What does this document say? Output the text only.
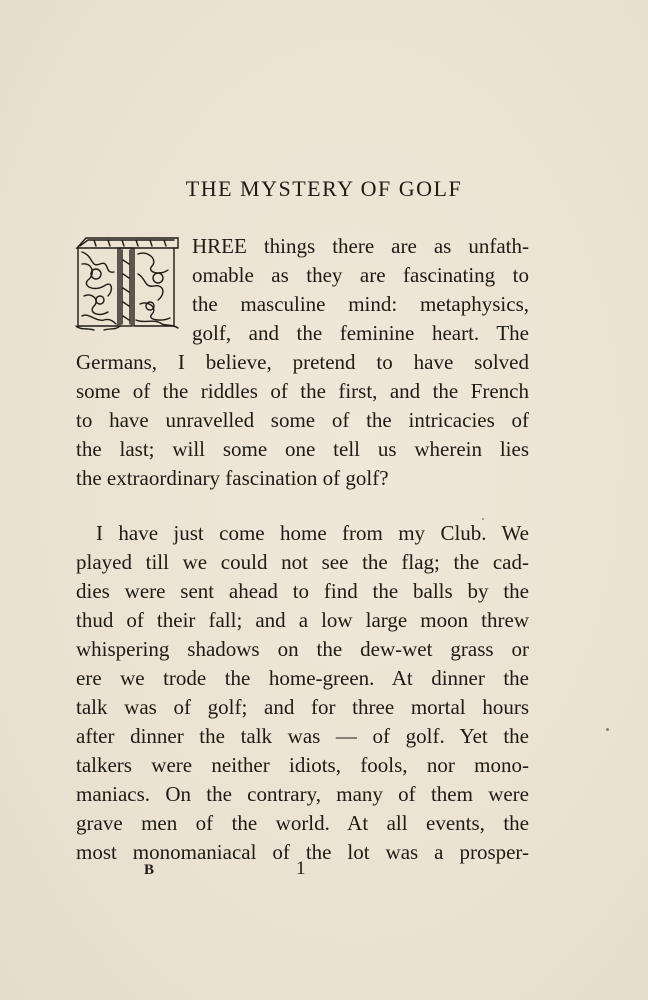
THE MYSTERY OF GOLF
HREE things there are as unfath-
omable as they are fascinating to
the masculine mind: metaphysics,
golf, and the feminine heart. The
Germans, I believe, pretend to have solved
some of the riddles of the first, and the French
to have unravelled some of the intricacies of
the last; will some one tell us wherein lies
the extraordinary fascination of golf?
I have just come home from my Club. We
played till we could not see the flag; the cad-
dies were sent ahead to find the balls by the
thud of their fall; and a low large moon threw
whispering shadows on the dew-wet grass or
ere we trode the home-green. At dinner the
talk was of golf; and for three mortal hours
after dinner the talk was — of golf. Yet the
talkers were neither idiots, fools, nor mono-
maniacs. On the contrary, many of them were
grave men of the world. At all events, the
most monomaniacal of the lot was a prosper-
B	1
